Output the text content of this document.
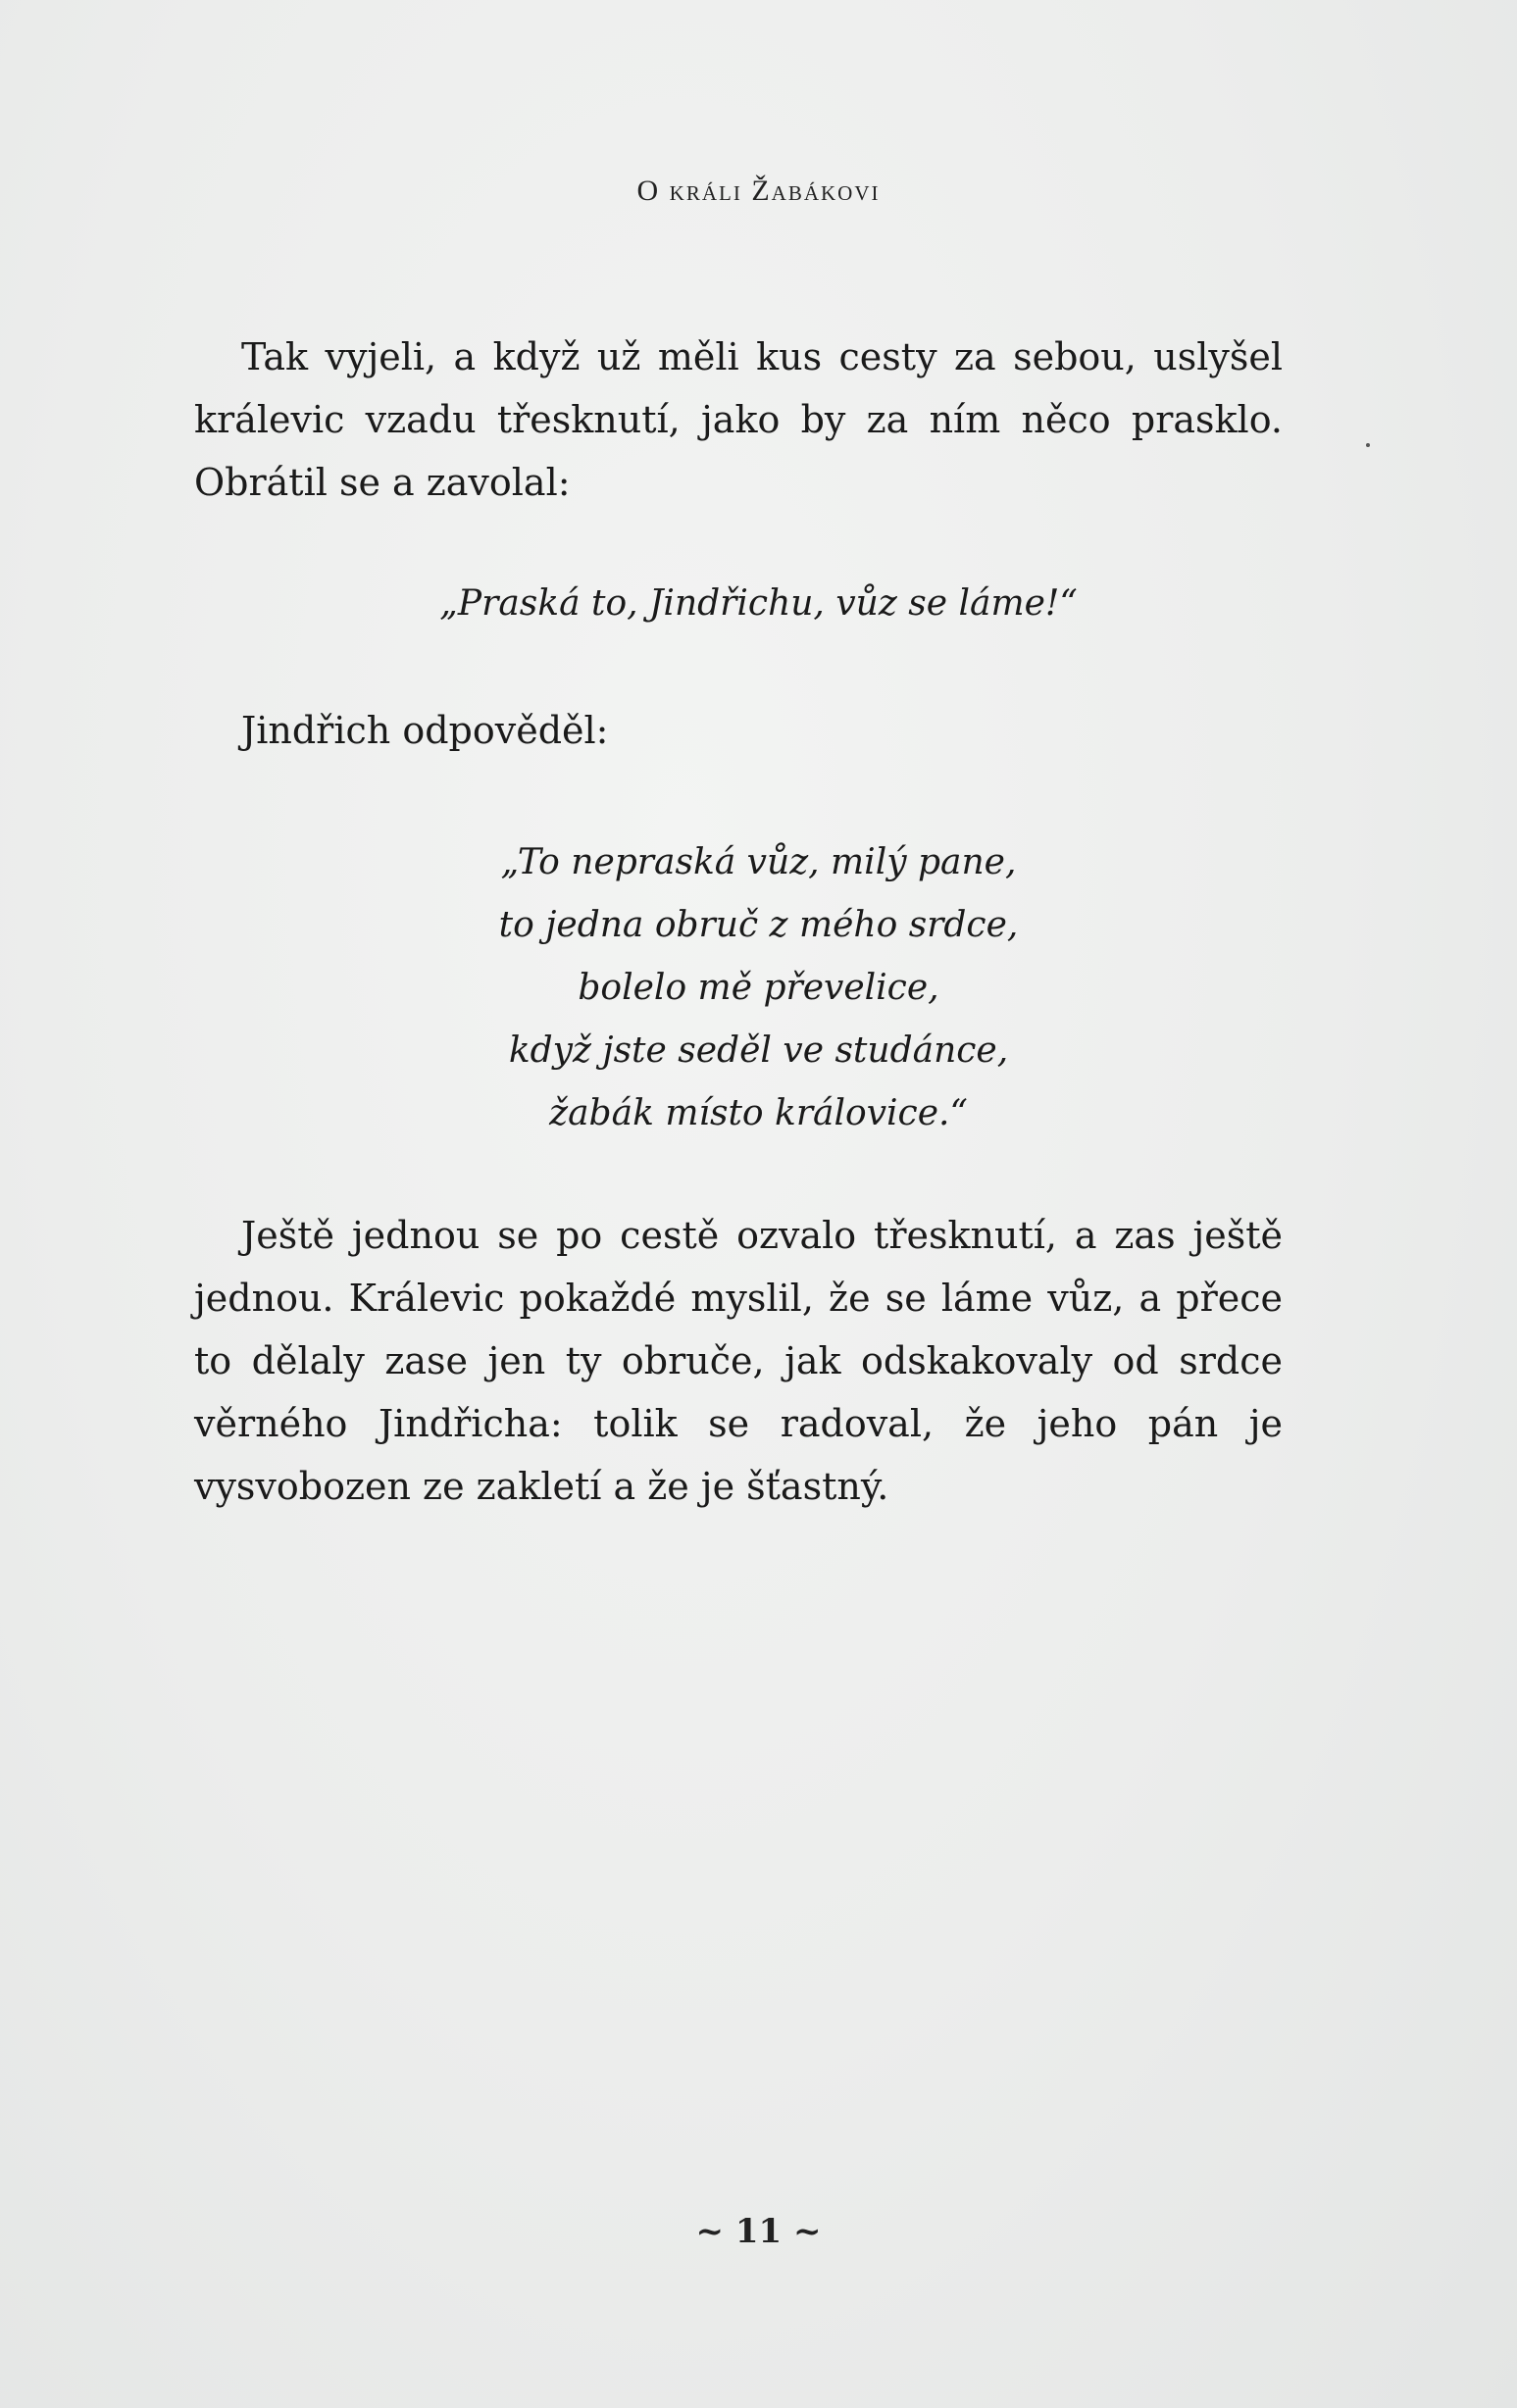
O králi Žabákovi
Tak vyjeli, a když už měli kus cesty za sebou, uslyšel králevic vzadu třesknutí, jako by za ním něco prasklo. Obrátil se a zavolal:
„Praská to, Jindřichu, vůz se láme!“
Jindřich odpověděl:
„To nepraská vůz, milý pane,
to jedna obruč z mého srdce,
bolelo mě převelice,
když jste seděl ve studánce,
žabák místo královice.“
Ještě jednou se po cestě ozvalo třesknutí, a zas ještě jednou. Králevic pokaždé myslil, že se láme vůz, a přece to dělaly zase jen ty obruče, jak odskakovaly od srdce věrného Jindřicha: tolik se radoval, že jeho pán je vysvobozen ze zakletí a že je šťastný.
~ 11 ~
